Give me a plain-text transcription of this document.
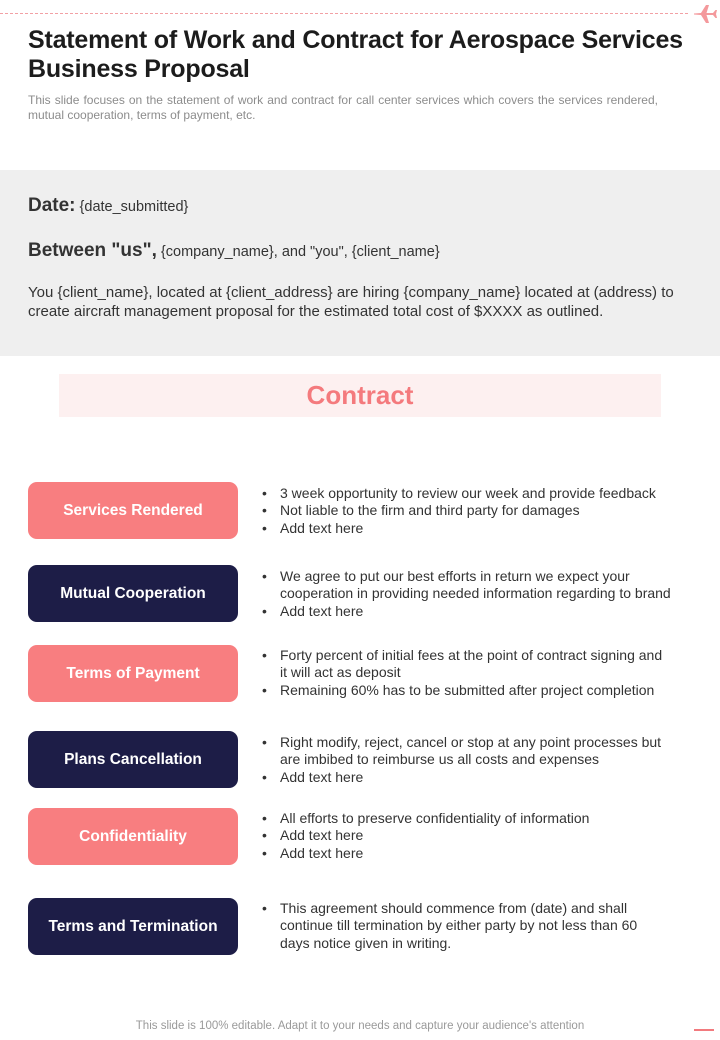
Statement of Work and Contract for Aerospace Services Business Proposal

This slide focuses on the statement of work and contract for call center services which covers the services rendered, mutual cooperation, terms of payment, etc.

Date: {date_submitted}
Between "us", {company_name}, and "you", {client_name}

You {client_name}, located at {client_address} are hiring {company_name} located at (address) to create aircraft management proposal for the estimated total cost of $XXXX as outlined.

Contract
Services Rendered
• 3 week opportunity to review our week and provide feedback
• Not liable to the firm and third party for damages
• Add text here
Mutual Cooperation
• We agree to put our best efforts in return we expect your cooperation in providing needed information regarding to brand
• Add text here
Terms of Payment
• Forty percent of initial fees at the point of contract signing and it will act as deposit
• Remaining 60% has to be submitted after project completion
Plans Cancellation
• Right modify, reject, cancel or stop at any point processes but are imbibed to reimburse us all costs and expenses
• Add text here
Confidentiality
• All efforts to preserve confidentiality of information
• Add text here
• Add text here
Terms and Termination
• This agreement should commence from (date) and shall continue till termination by either party by not less than 60 days notice given in writing.
This slide is 100% editable. Adapt it to your needs and capture your audience's attention
